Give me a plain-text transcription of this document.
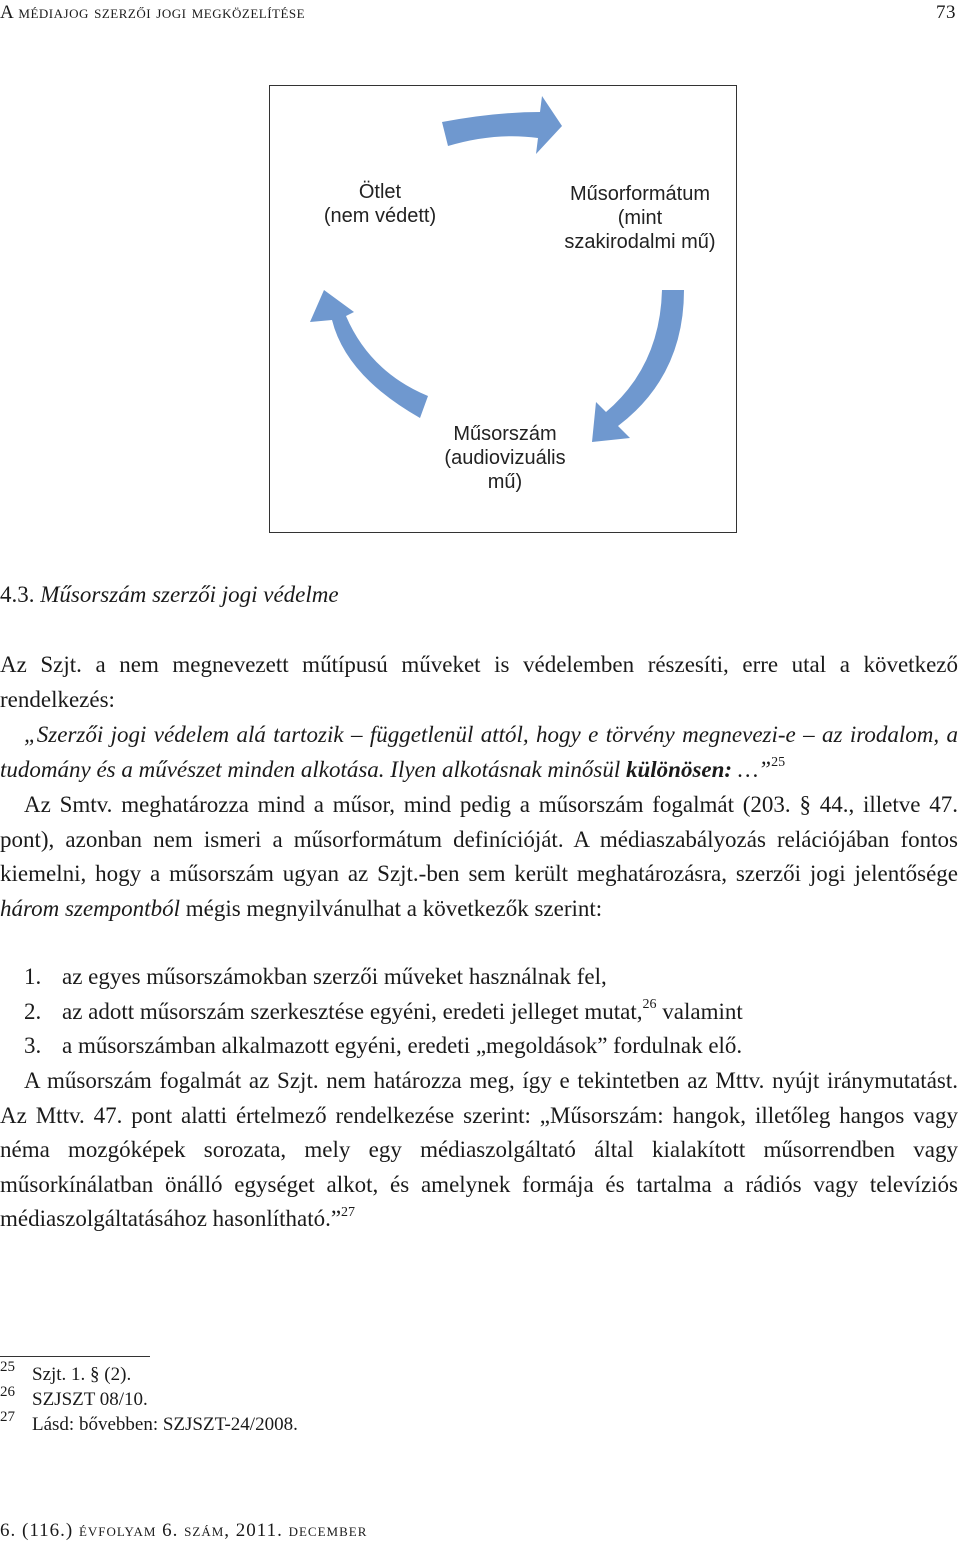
A médiajog szerzői jogi megközelítése	73
Ötlet
(nem védett)
Műsorformátum
(mint
szakirodalmi mű)
Műsorszám
(audiovizuális
mű)
4.3. Műsorszám szerzői jogi védelme

Az Szjt. a nem megnevezett műtípusú műveket is védelemben részesíti, erre utal a következő rendelkezés:

„Szerzői jogi védelem alá tartozik – függetlenül attól, hogy e törvény megnevezi-e – az irodalom, a tudomány és a művészet minden alkotása. Ilyen alkotásnak minősül különösen: …”$^{25}$

Az Smtv. meghatározza mind a műsor, mind pedig a műsorszám fogalmát (203. § 44., illetve 47. pont), azonban nem ismeri a műsorformátum definícióját. A médiaszabályozás relációjában fontos kiemelni, hogy a műsorszám ugyan az Szjt.-ben sem került meghatározásra, szerzői jogi jelentősége három szempontból mégis megnyilvánulhat a következők szerint:

1. az egyes műsorszámokban szerzői műveket használnak fel,
2. az adott műsorszám szerkesztése egyéni, eredeti jelleget mutat,$^{26}$ valamint
3. a műsorszámban alkalmazott egyéni, eredeti „megoldások” fordulnak elő.

A műsorszám fogalmát az Szjt. nem határozza meg, így e tekintetben az Mttv. nyújt iránymutatást. Az Mttv. 47. pont alatti értelmező rendelkezése szerint: „Műsorszám: hangok, illetőleg hangos vagy néma mozgóképek sorozata, mely egy médiaszolgáltató által kialakított műsorrendben vagy műsorkínálatban önálló egységet alkot, és amelynek formája és tartalma a rádiós vagy televíziós médiaszolgáltatásához hasonlítható.”$^{27}$

25 Szjt. 1. § (2).
26 SZJSZT 08/10.
27 Lásd: bővebben: SZJSZT-24/2008.
6. (116.) évfolyam 6. szám, 2011. december
